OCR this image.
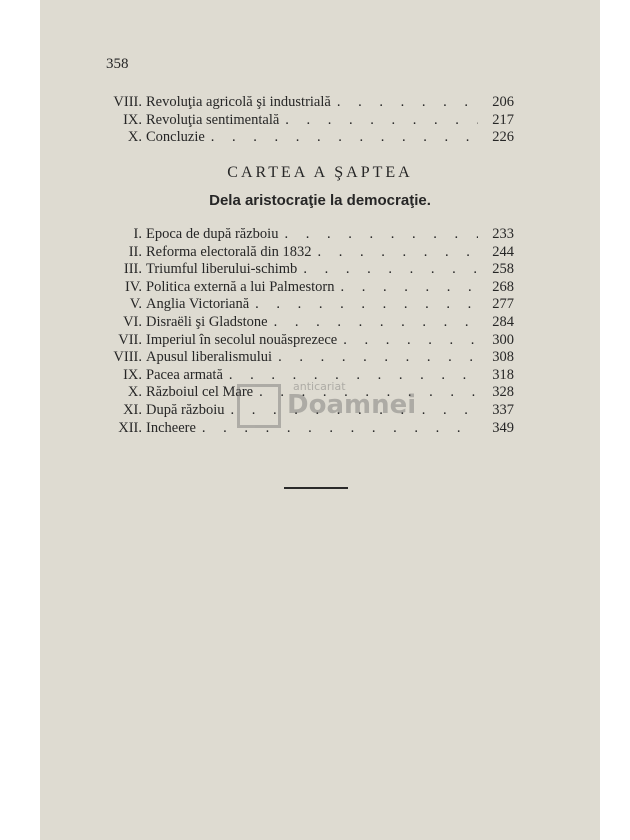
358
VIII. Revoluţia agricolă şi industrială . . .	206
IX. Revoluţia sentimentală . . .	217
X. Concluzie . . .	226
CARTEA A ŞAPTEA
Dela aristocraţie la democraţie.
I. Epoca de după războiu . . .	233
II. Reforma electorală din 1832 . . .	244
III. Triumful liberului-schimb . . .	258
IV. Politica externă a lui Palmestorn . . .	268
V. Anglia Victoriană . . .	277
VI. Disraëli şi Gladstone . . .	284
VII. Imperiul în secolul nouăsprezece . . .	300
VIII. Apusul liberalismului . . .	308
IX. Pacea armată . . .	318
X. Războiul cel Mare . . .	328
XI. După războiu . . .	337
XII. Incheere . . .	349
anticariat
Doamnei
